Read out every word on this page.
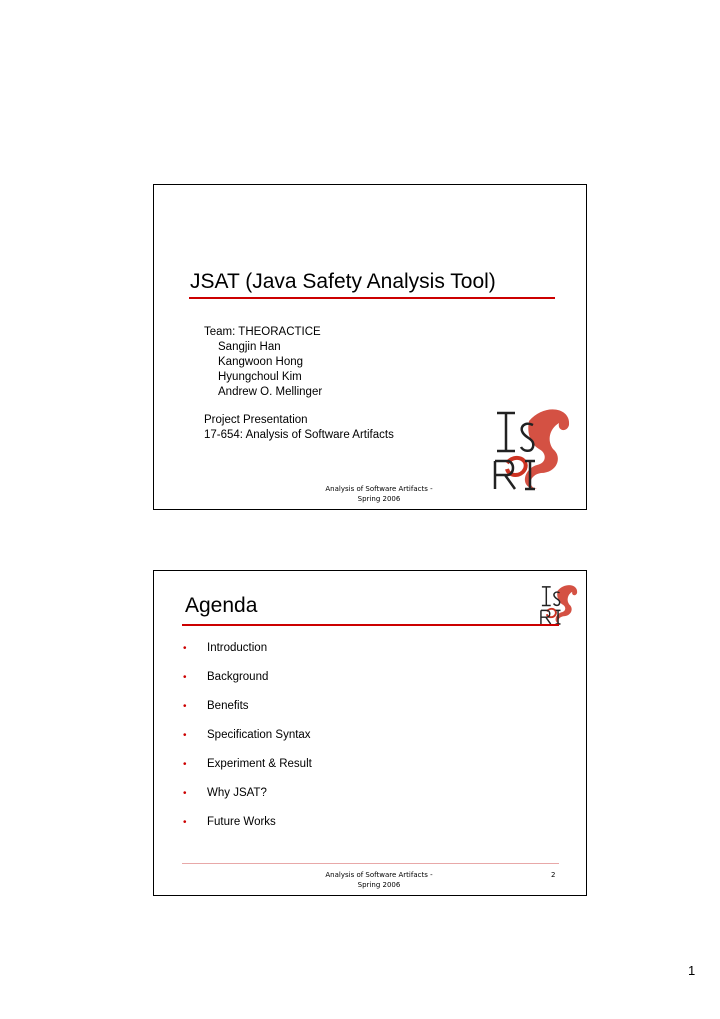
JSAT (Java Safety Analysis Tool)
Team: THEORACTICE
Sangjin Han
Kangwoon Hong
Hyungchoul Kim
Andrew O. Mellinger
Project Presentation
17-654: Analysis of Software Artifacts
Analysis of Software Artifacts -
Spring 2006
Agenda
• Introduction
• Background
• Benefits
• Specification Syntax
• Experiment & Result
• Why JSAT?
• Future Works
Analysis of Software Artifacts -
Spring 2006
2
1
